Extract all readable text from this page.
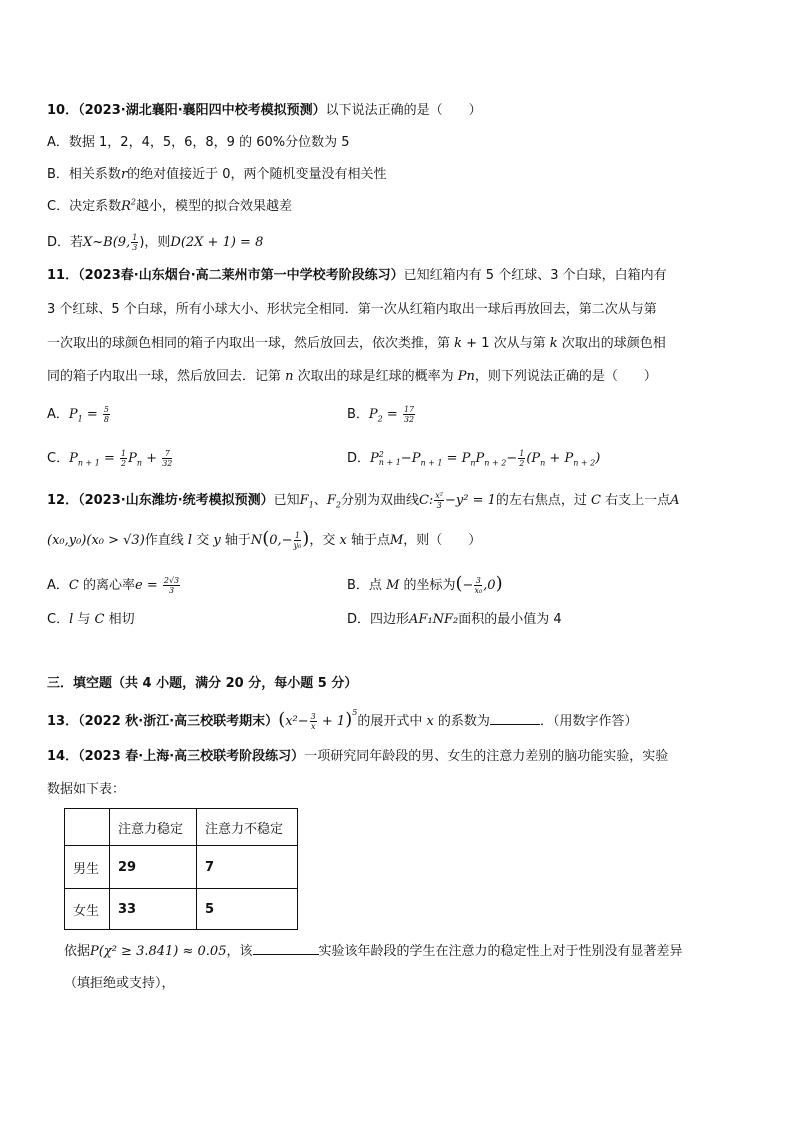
10．（2023·湖北襄阳·襄阳四中校考模拟预测）以下说法正确的是（　　）
A．数据 1，2，4，5，6，8，9 的 60%分位数为 5
B．相关系数r的绝对值接近于 0，两个随机变量没有相关性
C．决定系数$R^2$越小，模型的拟合效果越差
D．若X~B(9, $\frac{1}{3}$ )，则D(2X + 1) = 8
11．（2023春·山东烟台·高二莱州市第一中学校考阶段练习）已知红箱内有 5 个红球、3 个白球，白箱内有
3 个红球、5 个白球，所有小球大小、形状完全相同．第一次从红箱内取出一球后再放回去，第二次从与第
一次取出的球颜色相同的箱子内取出一球，然后放回去，依次类推，第 k + 1 次从与第 k 次取出的球颜色相
同的箱子内取出一球，然后放回去．记第 n 次取出的球是红球的概率为 Pn，则下列说法正确的是（　　）
A．$P_1 = \frac{5}{8}$	B．$P_2 = \frac{17}{32}$
C．$P_{n + 1} = \frac{1}{2} P_n + \frac{7}{32}$	D．P 2
$n + 1 -P_{n + 1} = P_nP_{n + 2}- \frac{1}{2} (P_n + P_{n + 2})$
12．（2023·山东潍坊·统考模拟预测）已知$F_1$、$F_2$分别为双曲线C: $\frac{\text{x²}}{3} -y^2 = 1$的左右焦点，过 C 右支上一点A
(x₀,y₀)(x₀ > √3)作直线 l 交 y 轴于$N(0,- \frac{1}{\text{y₀}}$ )，交 x 轴于点M，则（　　）
A．C 的离心率$e = \frac{2√3}{3}$	B．点 M 的坐标为(− $\frac{3}{\text{x₀}} ,0$)
C．l 与 C 相切	D．四边形AF₁NF₂面积的最小值为 4
三．填空题（共 4 小题，满分 20 分，每小题 5 分）
13．（2022 秋·浙江·高三校联考期末）$(x^2- \frac{3}{x} + 1)^5$的展开式中 x 的系数为	．（用数字作答）
14．（2023 春·上海·高三校联考阶段练习）一项研究同年龄段的男、女生的注意力差别的脑功能实验，实验
数据如下表：
	注意力稳定	注意力不稳定
男生	29	7
女生	33	5
依据P(χ² ≥ 3.841) ≈ 0.05，该	实验该年龄段的学生在注意力的稳定性上对于性别没有显著差异
（填拒绝或支持），
